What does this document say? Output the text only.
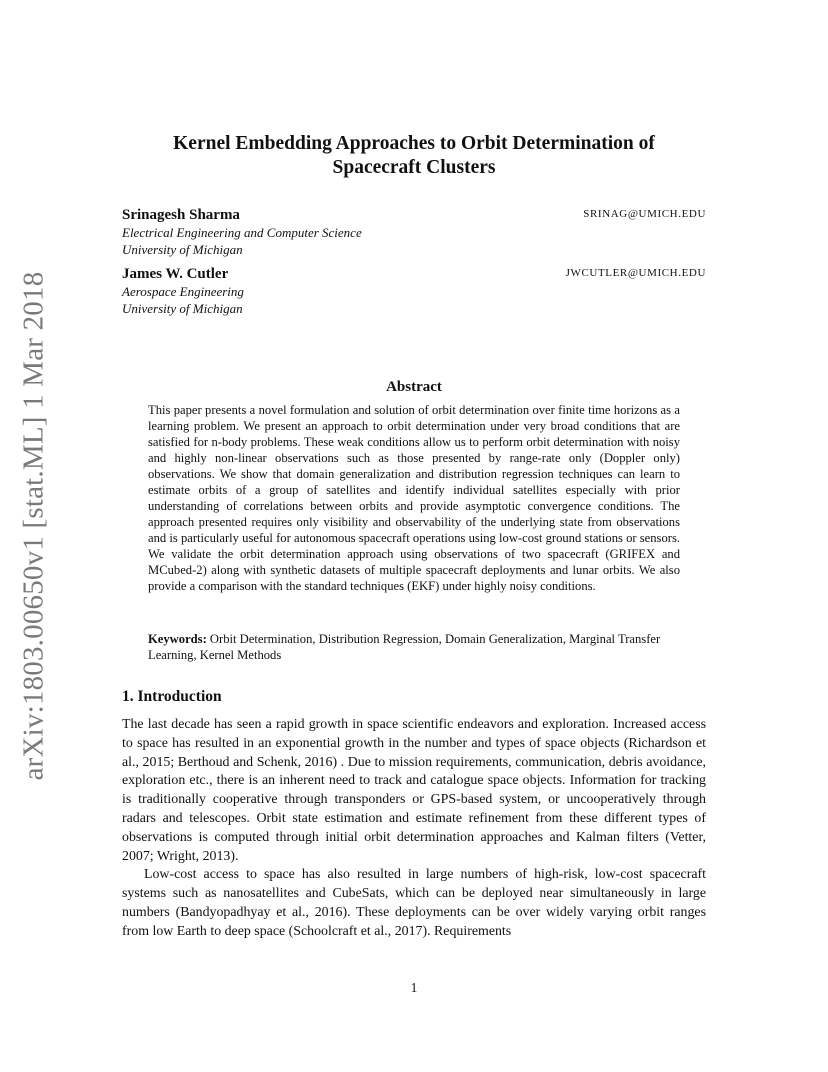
arXiv:1803.00650v1 [stat.ML] 1 Mar 2018
Kernel Embedding Approaches to Orbit Determination of
Spacecraft Clusters
Srinagesh Sharma	SRINAG@UMICH.EDU
Electrical Engineering and Computer Science
University of Michigan
James W. Cutler	JWCUTLER@UMICH.EDU
Aerospace Engineering
University of Michigan
Abstract

This paper presents a novel formulation and solution of orbit determination over finite time horizons as a learning problem. We present an approach to orbit determination under very broad conditions that are satisfied for n-body problems. These weak conditions allow us to perform orbit determination with noisy and highly non-linear observations such as those presented by range-rate only (Doppler only) observations. We show that domain generalization and distribution regression techniques can learn to estimate orbits of a group of satellites and identify individual satellites especially with prior understanding of correlations between orbits and provide asymptotic convergence conditions. The approach presented requires only visibility and observability of the underlying state from observations and is particularly useful for autonomous spacecraft operations using low-cost ground stations or sensors. We validate the orbit determination approach using observations of two spacecraft (GRIFEX and MCubed-2) along with synthetic datasets of multiple spacecraft deployments and lunar orbits. We also provide a comparison with the standard techniques (EKF) under highly noisy conditions.

Keywords: Orbit Determination, Distribution Regression, Domain Generalization, Marginal Transfer Learning, Kernel Methods

1. Introduction

The last decade has seen a rapid growth in space scientific endeavors and exploration. Increased access to space has resulted in an exponential growth in the number and types of space objects (Richardson et al., 2015; Berthoud and Schenk, 2016) . Due to mission requirements, communication, debris avoidance, exploration etc., there is an inherent need to track and catalogue space objects. Information for tracking is traditionally cooperative through transponders or GPS-based system, or uncooperatively through radars and telescopes. Orbit state estimation and estimate refinement from these different types of observations is computed through initial orbit determination approaches and Kalman filters (Vetter, 2007; Wright, 2013).

Low-cost access to space has also resulted in large numbers of high-risk, low-cost spacecraft systems such as nanosatellites and CubeSats, which can be deployed near simultaneously in large numbers (Bandyopadhyay et al., 2016). These deployments can be over widely varying orbit ranges from low Earth to deep space (Schoolcraft et al., 2017). Requirements

1
